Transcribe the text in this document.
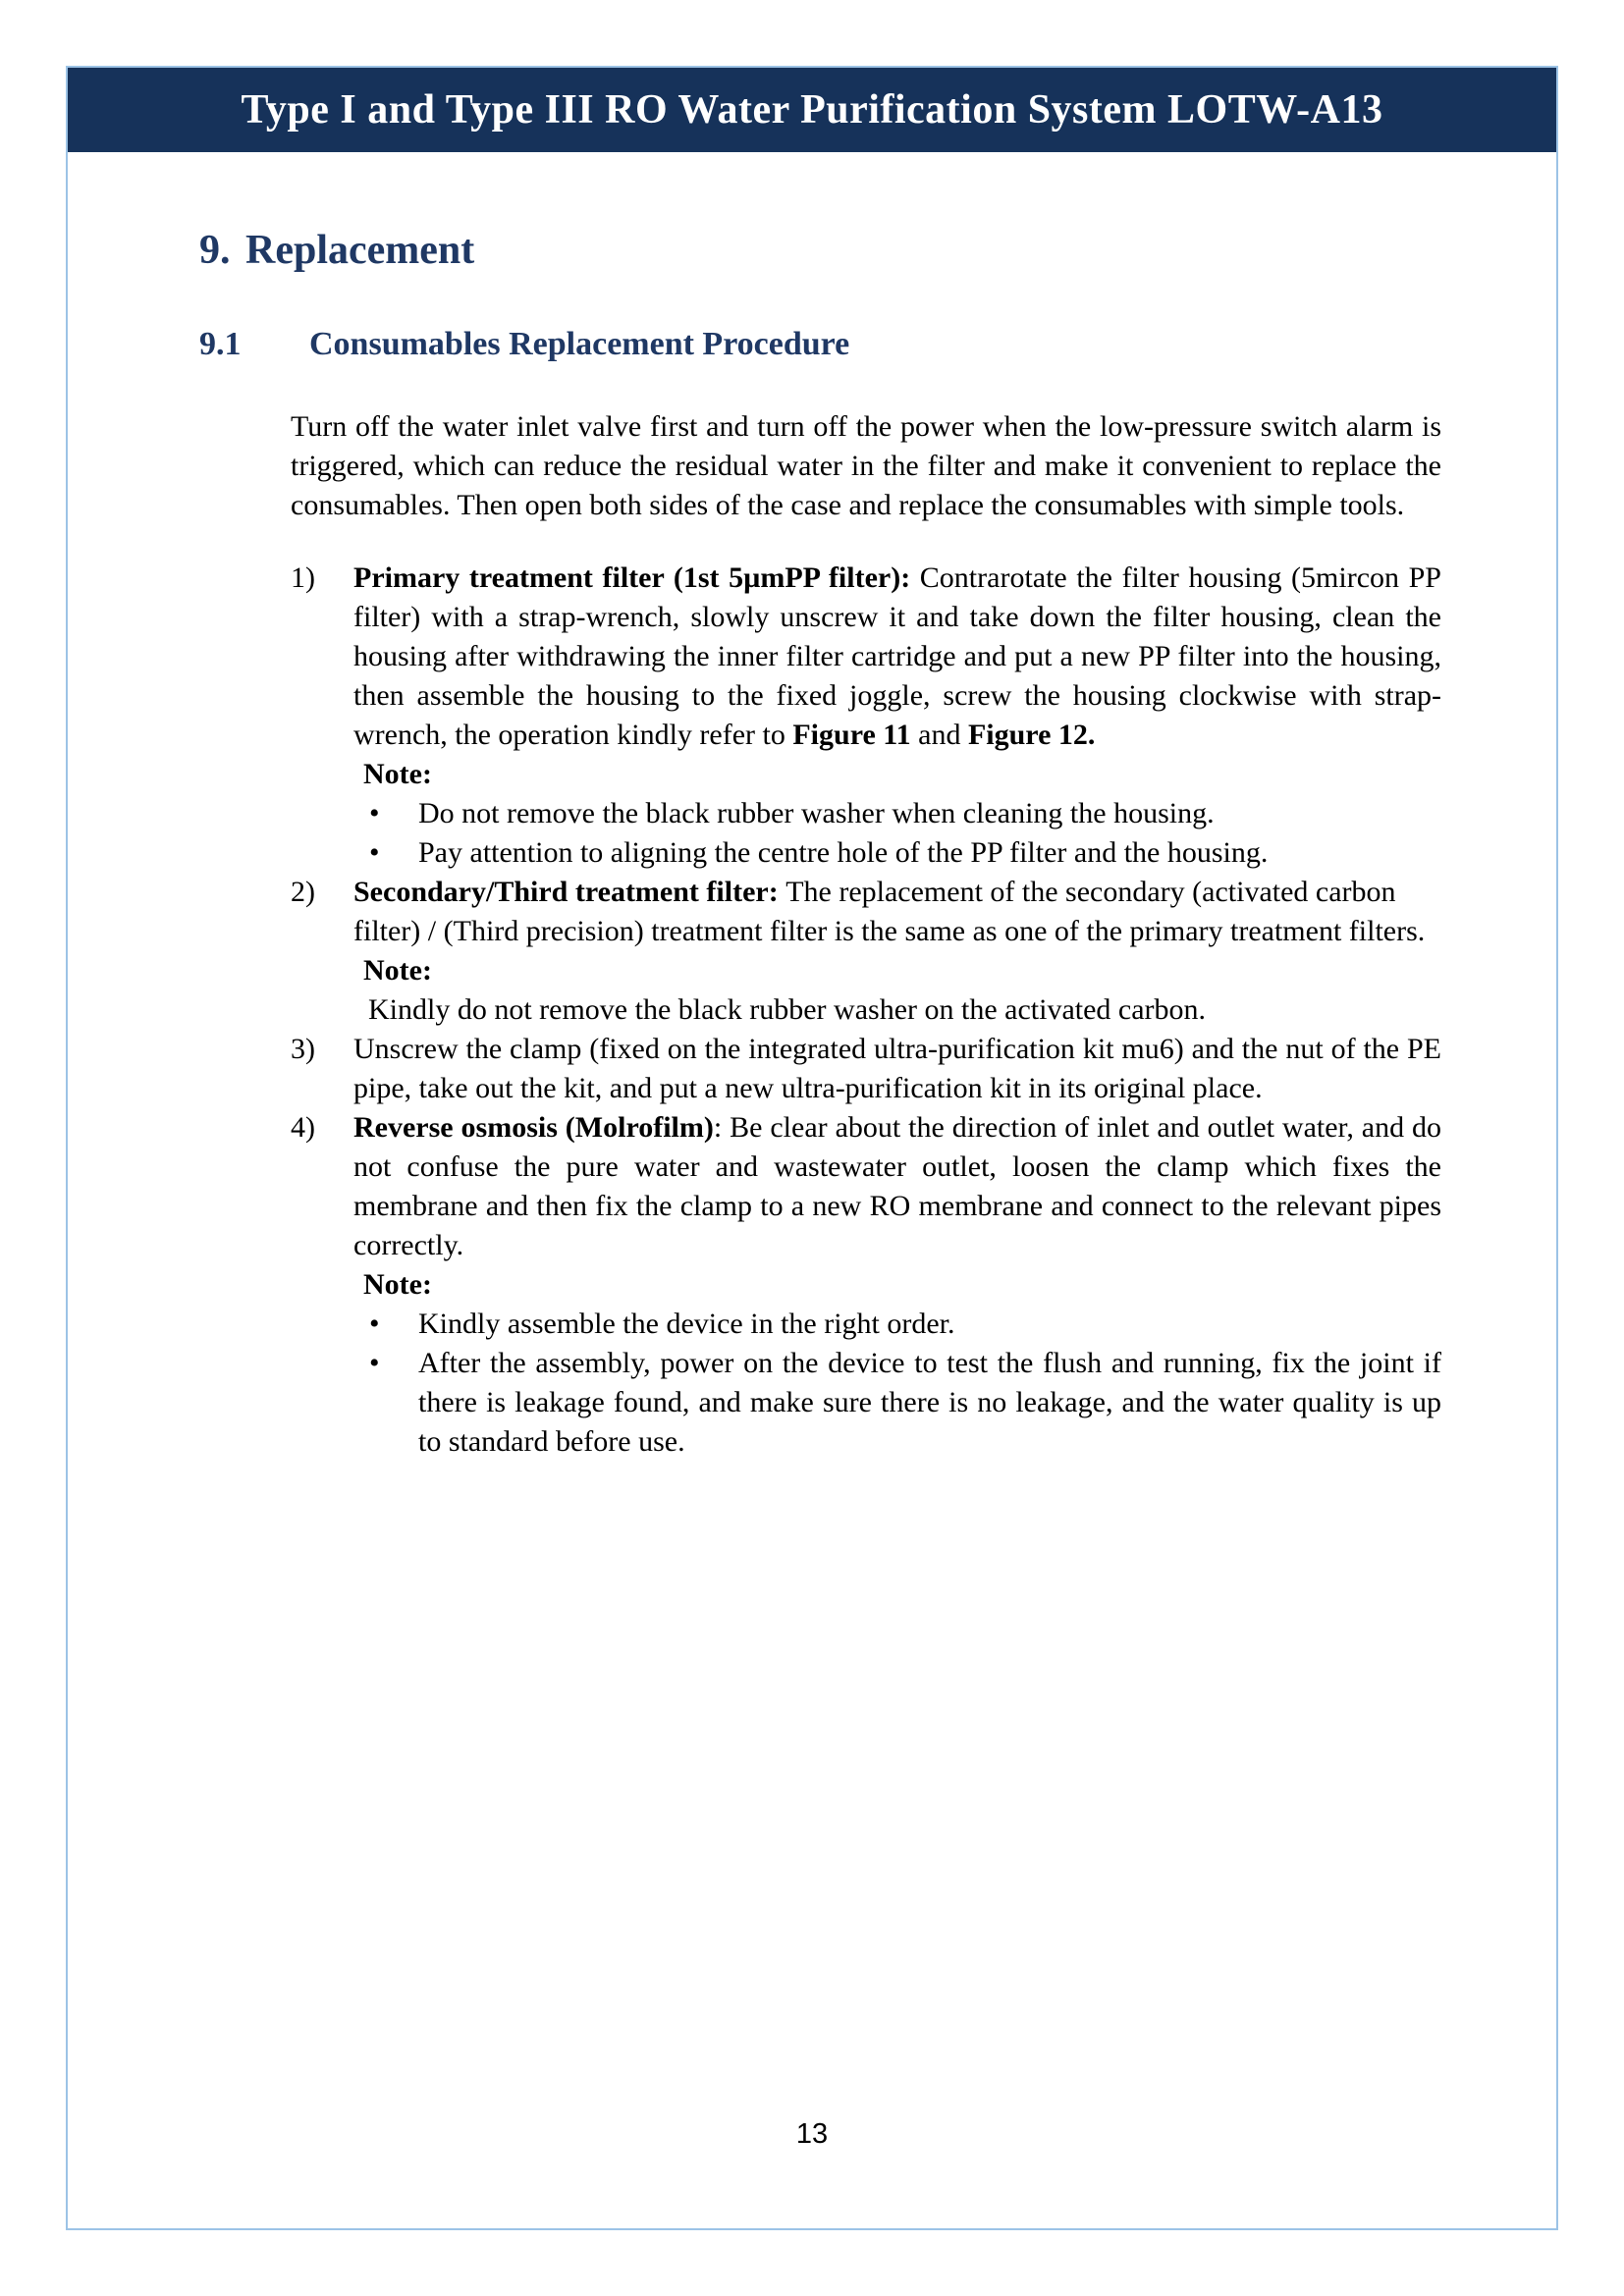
Type I and Type III RO Water Purification System LOTW-A13
9. Replacement
9.1 Consumables Replacement Procedure

Turn off the water inlet valve first and turn off the power when the low-pressure switch alarm is triggered, which can reduce the residual water in the filter and make it convenient to replace the consumables. Then open both sides of the case and replace the consumables with simple tools.

1)	Primary treatment filter (1st 5µmPP filter): Contrarotate the filter housing (5mircon PP filter) with a strap-wrench, slowly unscrew it and take down the filter housing, clean the housing after withdrawing the inner filter cartridge and put a new PP filter into the housing, then assemble the housing to the fixed joggle, screw the housing clockwise with strap-wrench, the operation kindly refer to Figure 11 and Figure 12.

Note:

•	Do not remove the black rubber washer when cleaning the housing.
•	Pay attention to aligning the centre hole of the PP filter and the housing.
2)	Secondary/Third treatment filter: The replacement of the secondary (activated carbon filter) / (Third precision) treatment filter is the same as one of the primary treatment filters.

Note:

Kindly do not remove the black rubber washer on the activated carbon.

3)	Unscrew the clamp (fixed on the integrated ultra-purification kit mu6) and the nut of the PE pipe, take out the kit, and put a new ultra-purification kit in its original place.

4)	Reverse osmosis (Molrofilm): Be clear about the direction of inlet and outlet water, and do not confuse the pure water and wastewater outlet, loosen the clamp which fixes the membrane and then fix the clamp to a new RO membrane and connect to the relevant pipes correctly.

Note:

•	Kindly assemble the device in the right order.
•	After the assembly, power on the device to test the flush and running, fix the joint if there is leakage found, and make sure there is no leakage, and the water quality is up to standard before use.
13
